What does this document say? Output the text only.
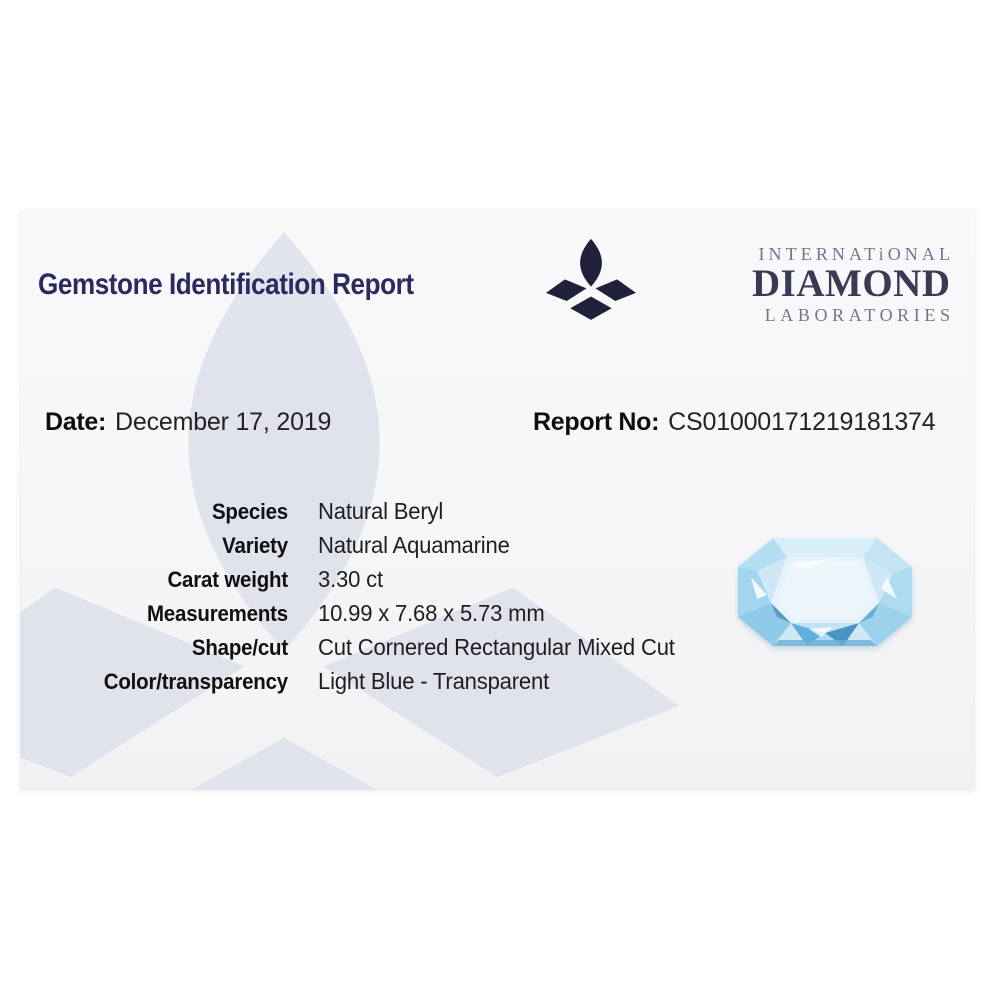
Gemstone Identification Report
INTERNATiONAL
DIAMOND
LABORATORIES
Date: December 17, 2019	Report No: CS01000171219181374
Species Natural Beryl
Variety Natural Aquamarine
Carat weight 3.30 ct
Measurements 10.99 x 7.68 x 5.73 mm
Shape/cut Cut Cornered Rectangular Mixed Cut
Color/transparency Light Blue - Transparent
